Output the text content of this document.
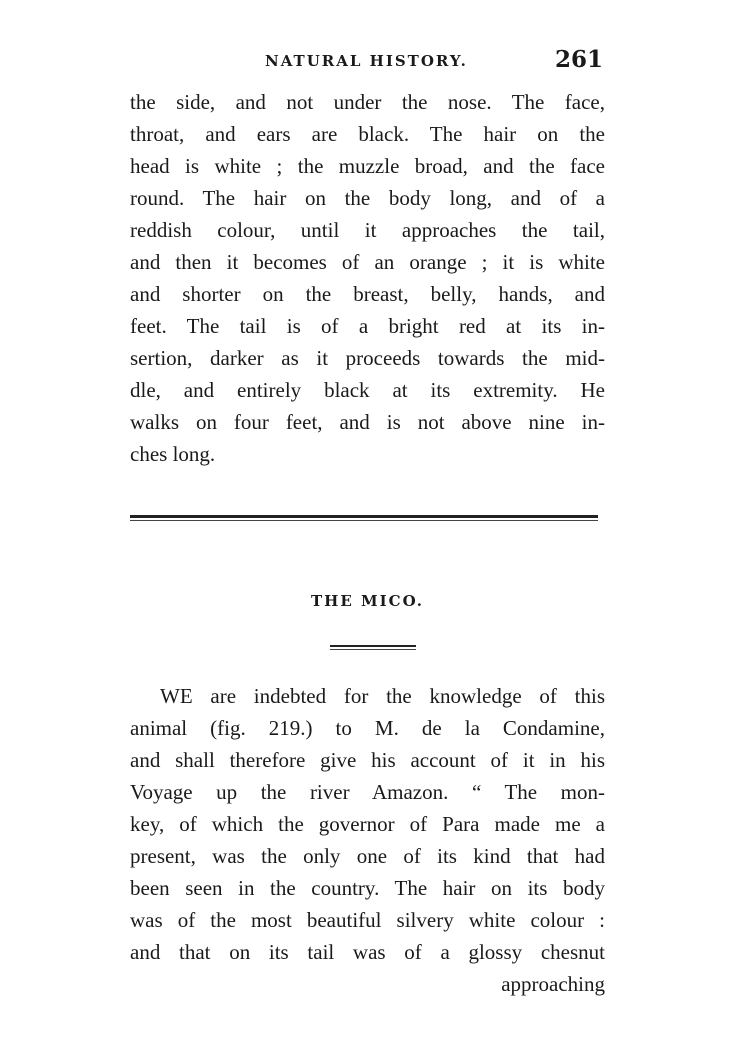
NATURAL HISTORY.	261
the side, and not under the nose. The face,
throat, and ears are black. The hair on the
head is white ; the muzzle broad, and the face
round. The hair on the body long, and of a
reddish colour, until it approaches the tail,
and then it becomes of an orange ; it is white
and shorter on the breast, belly, hands, and
feet. The tail is of a bright red at its in-
sertion, darker as it proceeds towards the mid-
dle, and entirely black at its extremity. He
walks on four feet, and is not above nine in-
ches long.
THE MICO.
WE are indebted for the knowledge of this
animal (fig. 219.) to M. de la Condamine,
and shall therefore give his account of it in his
Voyage up the river Amazon. “ The mon-
key, of which the governor of Para made me a
present, was the only one of its kind that had
been seen in the country. The hair on its body
was of the most beautiful silvery white colour :
and that on its tail was of a glossy chesnut
approaching
